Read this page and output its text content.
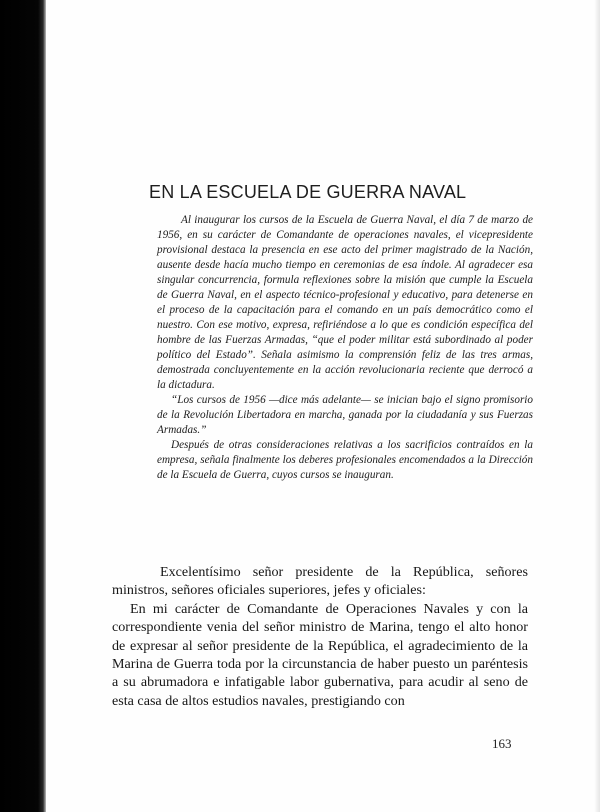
EN LA ESCUELA DE GUERRA NAVAL

Al inaugurar los cursos de la Escuela de Guerra Naval, el día 7 de marzo de 1956, en su carácter de Comandante de operaciones navales, el vicepresidente provisional destaca la presencia en ese acto del primer magistrado de la Nación, ausente desde hacía mucho tiempo en ceremonias de esa índole. Al agradecer esa singular concurrencia, formula reflexiones sobre la misión que cumple la Escuela de Guerra Naval, en el aspecto técnico-profesional y educativo, para detenerse en el proceso de la capacitación para el comando en un país democrático como el nuestro. Con ese motivo, expresa, refiriéndose a lo que es condición específica del hombre de las Fuerzas Armadas, “que el poder militar está subordinado al poder político del Estado”. Señala asimismo la comprensión feliz de las tres armas, demostrada concluyentemente en la acción revolucionaria reciente que derrocó a la dictadura.

“Los cursos de 1956 —dice más adelante— se inician bajo el signo promisorio de la Revolución Libertadora en marcha, ganada por la ciudadanía y sus Fuerzas Armadas.”

Después de otras consideraciones relativas a los sacrificios contraídos en la empresa, señala finalmente los deberes profesionales encomendados a la Dirección de la Escuela de Guerra, cuyos cursos se inauguran.

Excelentísimo señor presidente de la República, señores ministros, señores oficiales superiores, jefes y oficiales:

En mi carácter de Comandante de Operaciones Navales y con la correspondiente venia del señor ministro de Marina, tengo el alto honor de expresar al señor presidente de la República, el agradecimiento de la Marina de Guerra toda por la circunstancia de haber puesto un paréntesis a su abrumadora e infatigable labor gubernativa, para acudir al seno de esta casa de altos estudios navales, prestigiando con

163
